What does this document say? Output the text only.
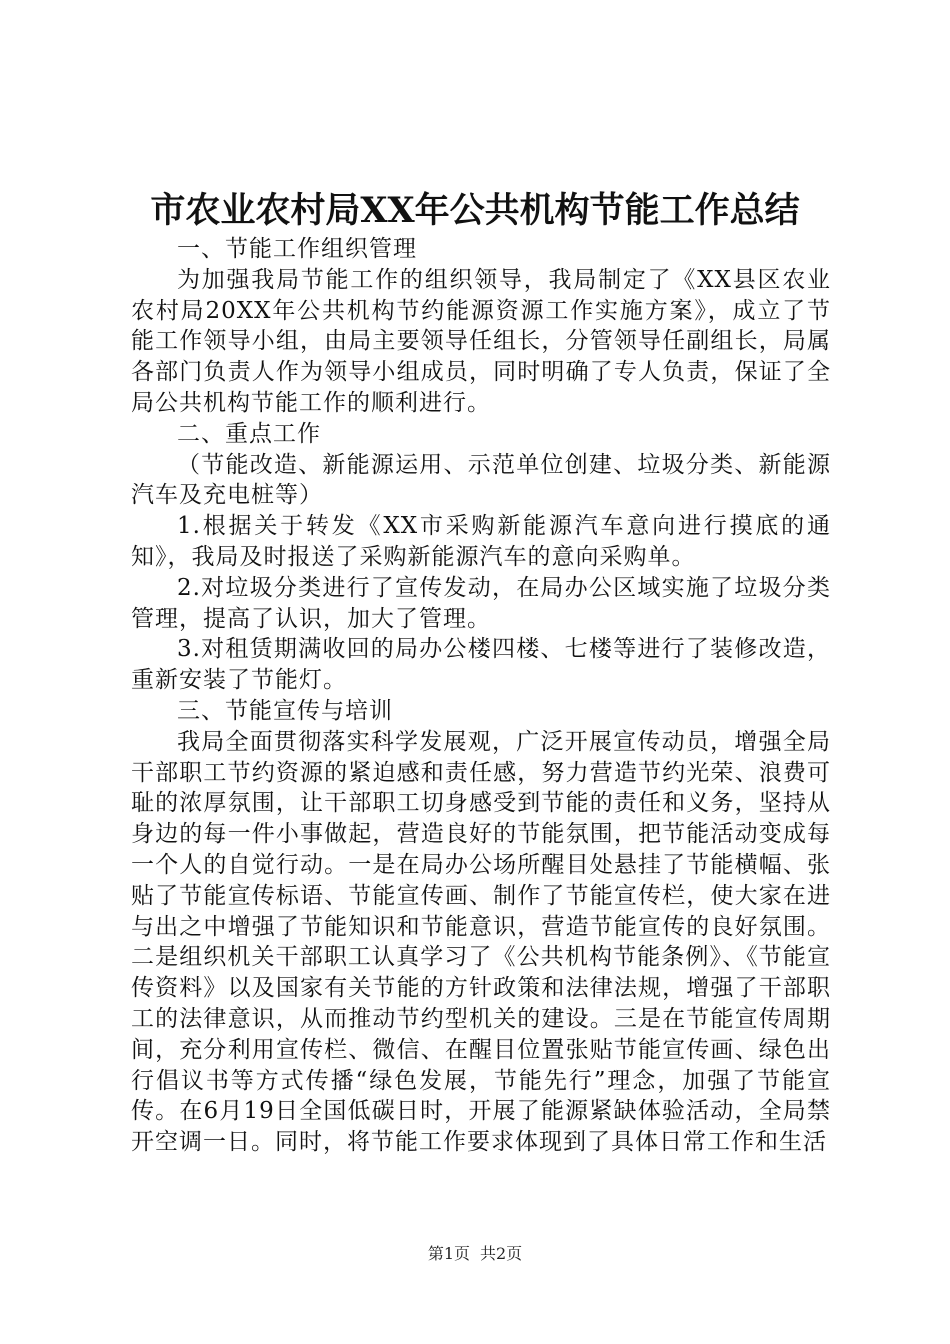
市农业农村局XX年公共机构节能工作总结

一、节能工作组织管理

为加强我局节能工作的组织领导，我局制定了《XX县区农业农村局20XX年公共机构节约能源资源工作实施方案》，成立了节能工作领导小组，由局主要领导任组长，分管领导任副组长，局属各部门负责人作为领导小组成员，同时明确了专人负责，保证了全局公共机构节能工作的顺利进行。

二、重点工作

（节能改造、新能源运用、示范单位创建、垃圾分类、新能源汽车及充电桩等）

1.根据关于转发《XX市采购新能源汽车意向进行摸底的通知》，我局及时报送了采购新能源汽车的意向采购单。

2.对垃圾分类进行了宣传发动，在局办公区域实施了垃圾分类管理，提高了认识，加大了管理。

3.对租赁期满收回的局办公楼四楼、七楼等进行了装修改造，重新安装了节能灯。

三、节能宣传与培训

我局全面贯彻落实科学发展观，广泛开展宣传动员，增强全局干部职工节约资源的紧迫感和责任感，努力营造节约光荣、浪费可耻的浓厚氛围，让干部职工切身感受到节能的责任和义务，坚持从身边的每一件小事做起，营造良好的节能氛围，把节能活动变成每一个人的自觉行动。一是在局办公场所醒目处悬挂了节能横幅、张贴了节能宣传标语、节能宣传画、制作了节能宣传栏，使大家在进与出之中增强了节能知识和节能意识，营造节能宣传的良好氛围。二是组织机关干部职工认真学习了《公共机构节能条例》、《节能宣传资料》以及国家有关节能的方针政策和法律法规，增强了干部职工的法律意识，从而推动节约型机关的建设。三是在节能宣传周期间，充分利用宣传栏、微信、在醒目位置张贴节能宣传画、绿色出行倡议书等方式传播“绿色发展，节能先行”理念，加强了节能宣传。在6月19日全国低碳日时，开展了能源紧缺体验活动，全局禁开空调一日。同时，将节能工作要求体现到了具体日常工作和生活

第1页 共2页
